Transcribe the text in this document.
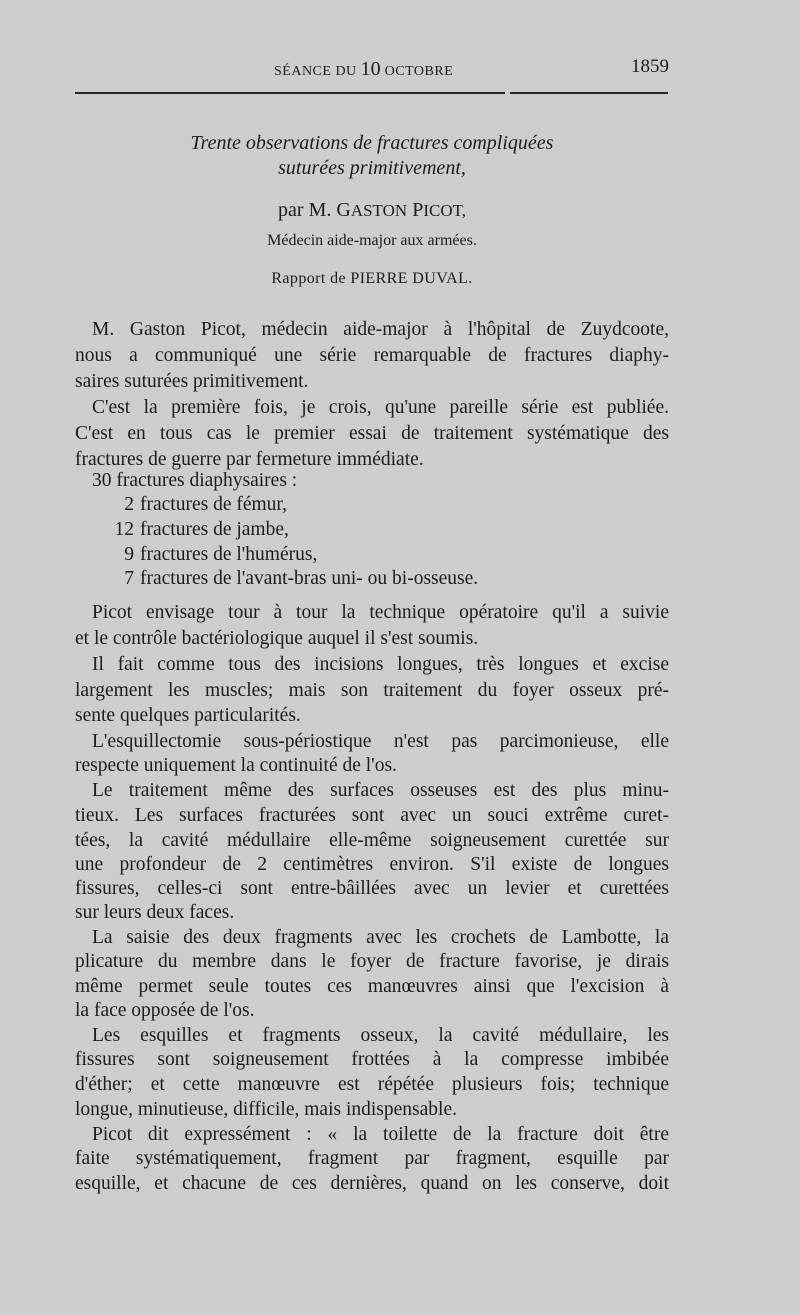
SÉANCE DU 10 OCTOBRE	1859
Trente observations de fractures compliquées
suturées primitivement,
par M. GASTON PICOT,
Médecin aide-major aux armées.
Rapport de PIERRE DUVAL.
M. Gaston Picot, médecin aide-major à l'hôpital de Zuydcoote,
nous a communiqué une série remarquable de fractures diaphy-
saires suturées primitivement.
C'est la première fois, je crois, qu'une pareille série est publiée.
C'est en tous cas le premier essai de traitement systématique des
fractures de guerre par fermeture immédiate.
30 fractures diaphysaires :
2 fractures de fémur,
12 fractures de jambe,
9 fractures de l'humérus,
7 fractures de l'avant-bras uni- ou bi-osseuse.
Picot envisage tour à tour la technique opératoire qu'il a suivie
et le contrôle bactériologique auquel il s'est soumis.
Il fait comme tous des incisions longues, très longues et excise
largement les muscles; mais son traitement du foyer osseux pré-
sente quelques particularités.
L'esquillectomie sous-périostique n'est pas parcimonieuse, elle
respecte uniquement la continuité de l'os.
Le traitement même des surfaces osseuses est des plus minu-
tieux. Les surfaces fracturées sont avec un souci extrême curet-
tées, la cavité médullaire elle-même soigneusement curettée sur
une profondeur de 2 centimètres environ. S'il existe de longues
fissures, celles-ci sont entre-bâillées avec un levier et curettées
sur leurs deux faces.
La saisie des deux fragments avec les crochets de Lambotte, la
plicature du membre dans le foyer de fracture favorise, je dirais
même permet seule toutes ces manœuvres ainsi que l'excision à
la face opposée de l'os.
Les esquilles et fragments osseux, la cavité médullaire, les
fissures sont soigneusement frottées à la compresse imbibée
d'éther; et cette manœuvre est répétée plusieurs fois; technique
longue, minutieuse, difficile, mais indispensable.
Picot dit expressément : « la toilette de la fracture doit être
faite systématiquement, fragment par fragment, esquille par
esquille, et chacune de ces dernières, quand on les conserve, doit
